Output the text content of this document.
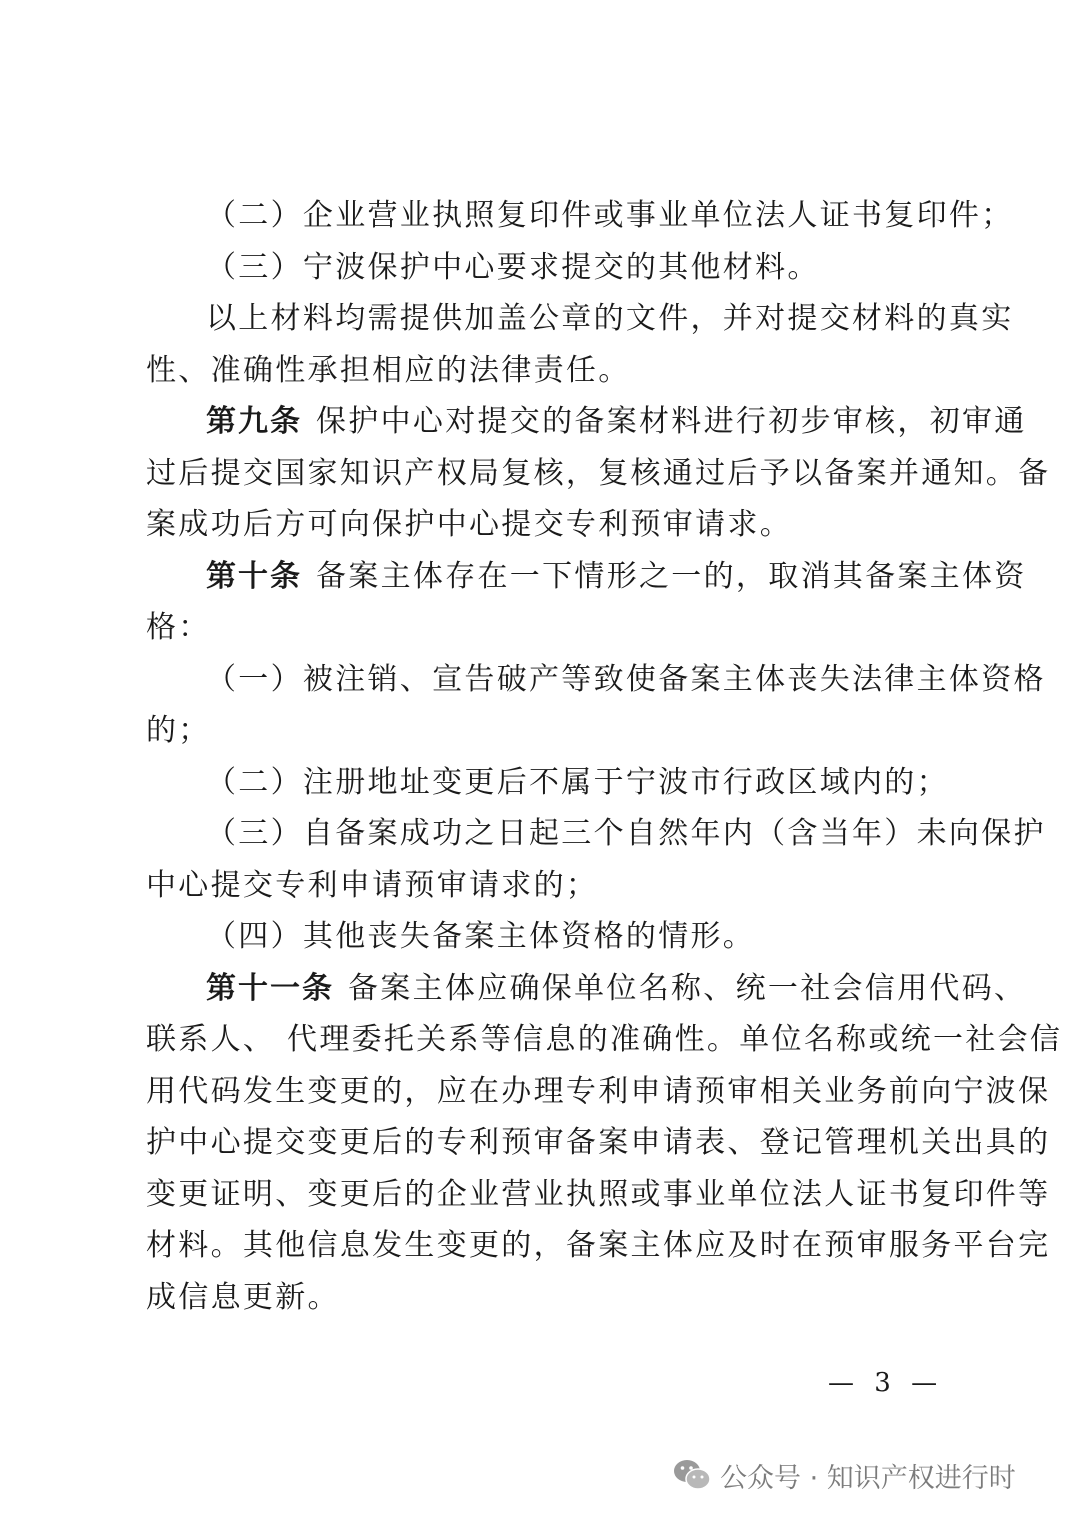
（二）企业营业执照复印件或事业单位法人证书复印件；
（三）宁波保护中心要求提交的其他材料。
以上材料均需提供加盖公章的文件，并对提交材料的真实
性、准确性承担相应的法律责任。
第九条 保护中心对提交的备案材料进行初步审核，初审通
过后提交国家知识产权局复核，复核通过后予以备案并通知。备
案成功后方可向保护中心提交专利预审请求。
第十条 备案主体存在一下情形之一的，取消其备案主体资
格：
（一）被注销、宣告破产等致使备案主体丧失法律主体资格
的；
（二）注册地址变更后不属于宁波市行政区域内的；
（三）自备案成功之日起三个自然年内（含当年）未向保护
中心提交专利申请预审请求的；
（四）其他丧失备案主体资格的情形。
第十一条 备案主体应确保单位名称、统一社会信用代码、
联系人、 代理委托关系等信息的准确性。单位名称或统一社会信
用代码发生变更的，应在办理专利申请预审相关业务前向宁波保
护中心提交变更后的专利预审备案申请表、登记管理机关出具的
变更证明、变更后的企业营业执照或事业单位法人证书复印件等
材料。其他信息发生变更的，备案主体应及时在预审服务平台完
成信息更新。
— 3 —
公众号 · 知识产权进行时
